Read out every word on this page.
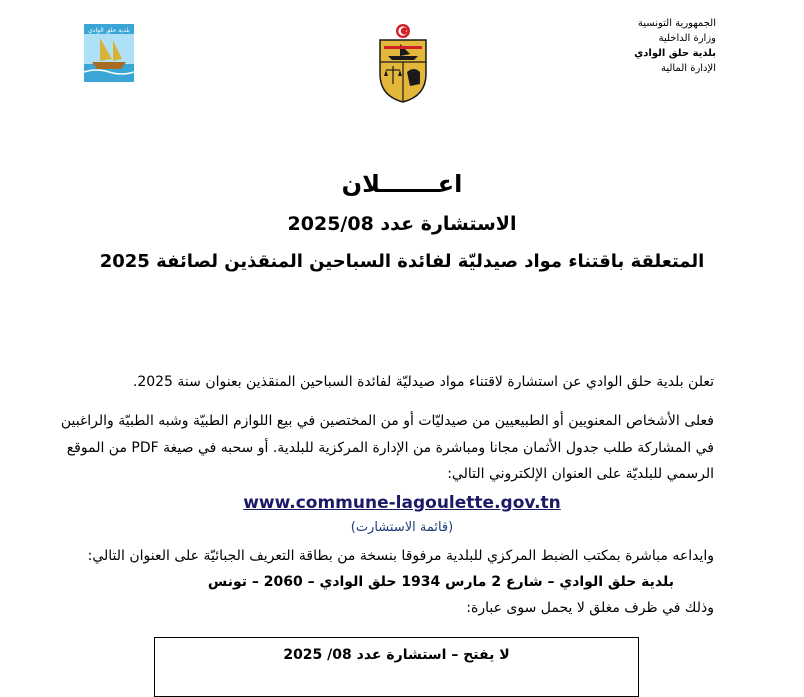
الجمهورية التونسية
وزارة الداخلية
بلدية حلق الوادي
الإدارة المالية
بلدية حلق الوادي
اعـــــــلان
الاستشارة عدد 2025/08
المتعلقة باقتناء مواد صيدليّة لفائدة السباحين المنقذين لصائفة 2025
تعلن بلدية حلق الوادي عن استشارة لاقتناء مواد صيدليّة لفائدة السباحين المنقذين بعنوان سنة 2025.
فعلى الأشخاص المعنويين أو الطبيعيين من صيدليّات أو من المختصين في بيع اللوازم الطبيّة وشبه الطبيّة والراغبين
في المشاركة طلب جدول الأثمان مجانا ومباشرة من الإدارة المركزية للبلدية. أو سحبه في صيغة PDF من الموقع
الرسمي للبلديّة على العنوان الإلكتروني التالي:
www.commune-lagoulette.gov.tn
(قائمة الاستشارت)
وايداعه مباشرة بمكتب الضبط المركزي للبلدية مرفوقا بنسخة من بطاقة التعريف الجبائيّة على العنوان التالي:
بلدية حلق الوادي – شارع 2 مارس 1934 حلق الوادي – 2060 – تونس
وذلك في ظرف مغلق لا يحمل سوى عبارة:
لا يفتح – استشارة عدد 08/ 2025
